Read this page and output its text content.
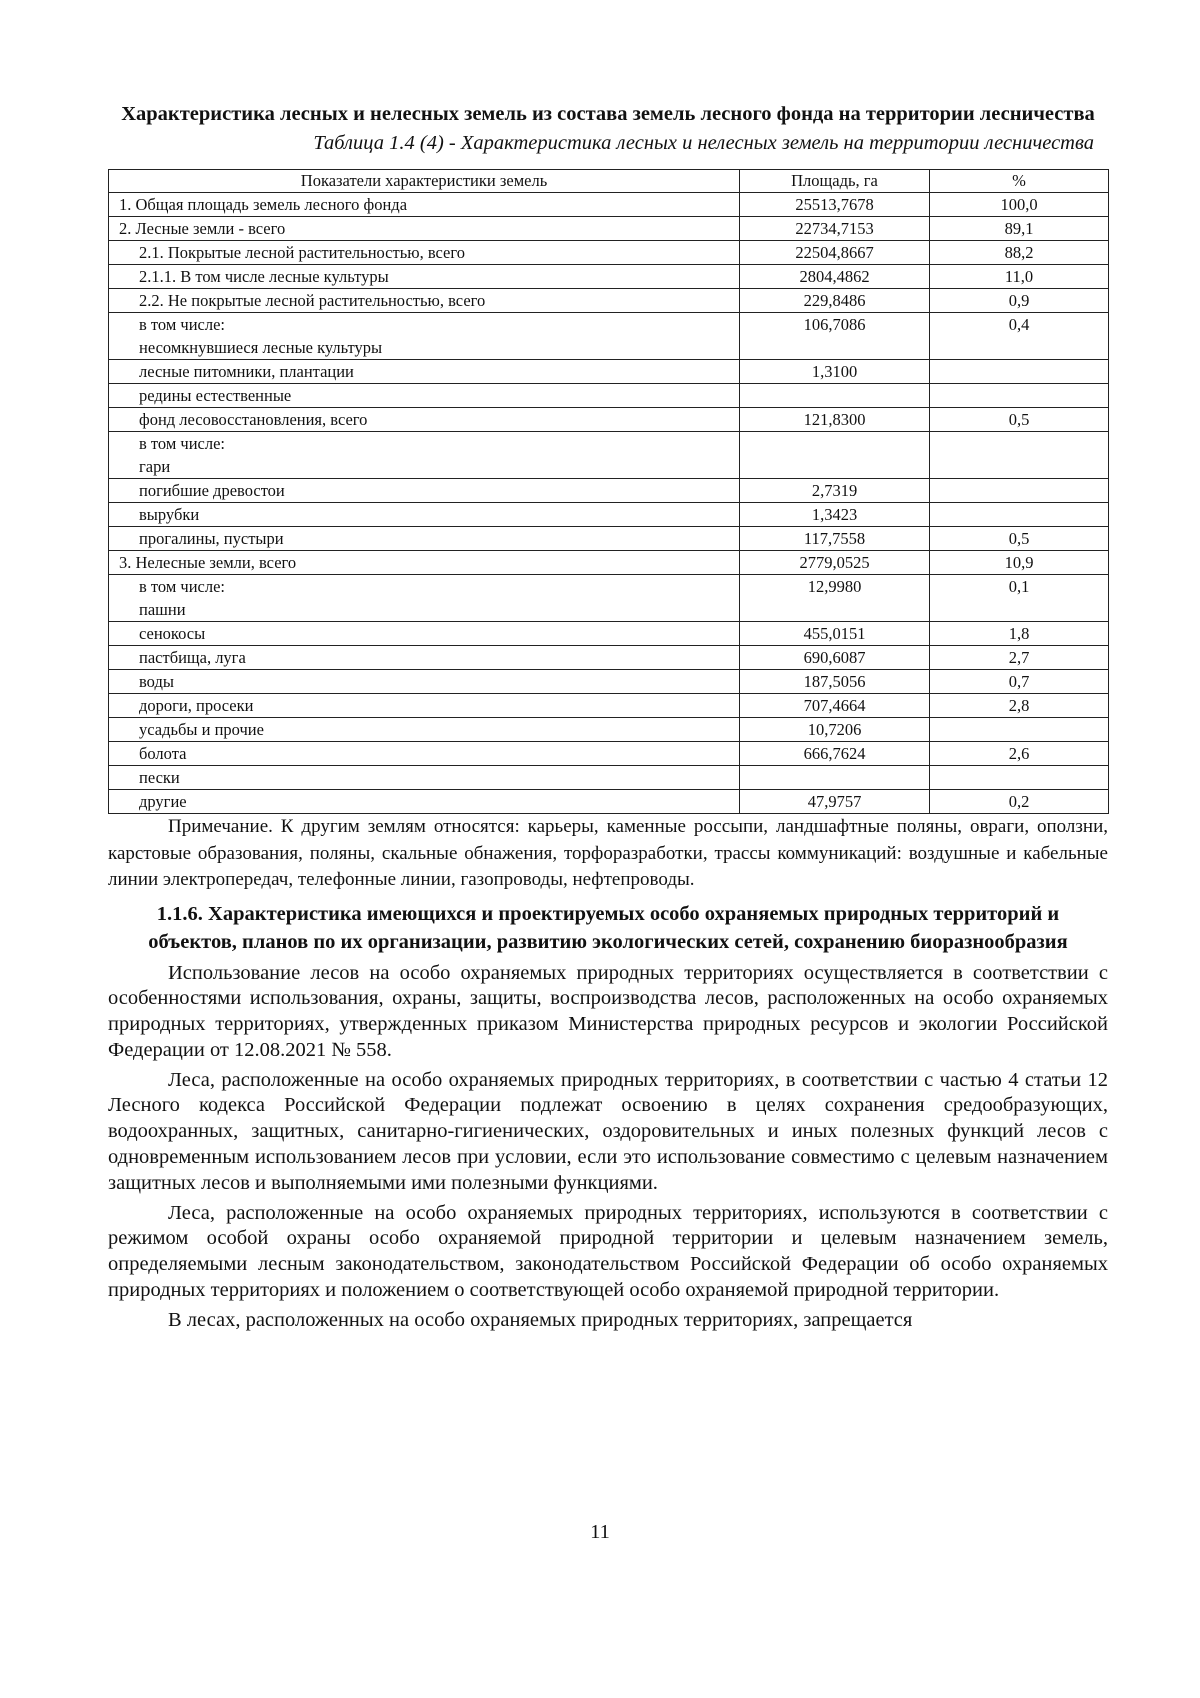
Характеристика лесных и нелесных земель из состава земель лесного фонда на территории лесничества

Таблица 1.4 (4) - Характеристика лесных и нелесных земель на территории лесничества

Показатели характеристики земель	Площадь, га	%
1. Общая площадь земель лесного фонда	25513,7678	100,0
2. Лесные земли - всего	22734,7153	89,1
2.1. Покрытые лесной растительностью, всего	22504,8667	88,2
2.1.1. В том числе лесные культуры	2804,4862	11,0
2.2. Не покрытые лесной растительностью, всего	229,8486	0,9
в том числе:
несомкнувшиеся лесные культуры	106,7086	0,4
лесные питомники, плантации	1,3100	
редины естественные		
фонд лесовосстановления, всего	121,8300	0,5
в том числе:
гари		
погибшие древостои	2,7319	
вырубки	1,3423	
прогалины, пустыри	117,7558	0,5
3. Нелесные земли, всего	2779,0525	10,9
в том числе:
пашни	12,9980	0,1
сенокосы	455,0151	1,8
пастбища, луга	690,6087	2,7
воды	187,5056	0,7
дороги, просеки	707,4664	2,8
усадьбы и прочие	10,7206	
болота	666,7624	2,6
пески		
другие	47,9757	0,2

Примечание. К другим землям относятся: карьеры, каменные россыпи, ландшафтные поляны, овраги, оползни, карстовые образования, поляны, скальные обнажения, торфоразработки, трассы коммуникаций: воздушные и кабельные линии электропередач, телефонные линии, газопроводы, нефтепроводы.

1.1.6. Характеристика имеющихся и проектируемых особо охраняемых природных территорий и объектов, планов по их организации, развитию экологических сетей, сохранению биоразнообразия

Использование лесов на особо охраняемых природных территориях осуществляется в соответствии с особенностями использования, охраны, защиты, воспроизводства лесов, расположенных на особо охраняемых природных территориях, утвержденных приказом Министерства природных ресурсов и экологии Российской Федерации от 12.08.2021 № 558.

Леса, расположенные на особо охраняемых природных территориях, в соответствии с частью 4 статьи 12 Лесного кодекса Российской Федерации подлежат освоению в целях сохранения средообразующих, водоохранных, защитных, санитарно-гигиенических, оздоровительных и иных полезных функций лесов с одновременным использованием лесов при условии, если это использование совместимо с целевым назначением защитных лесов и выполняемыми ими полезными функциями.

Леса, расположенные на особо охраняемых природных территориях, используются в соответствии с режимом особой охраны особо охраняемой природной территории и целевым назначением земель, определяемыми лесным законодательством, законодательством Российской Федерации об особо охраняемых природных территориях и положением о соответствующей особо охраняемой природной территории.

В лесах, расположенных на особо охраняемых природных территориях, запрещается

11
